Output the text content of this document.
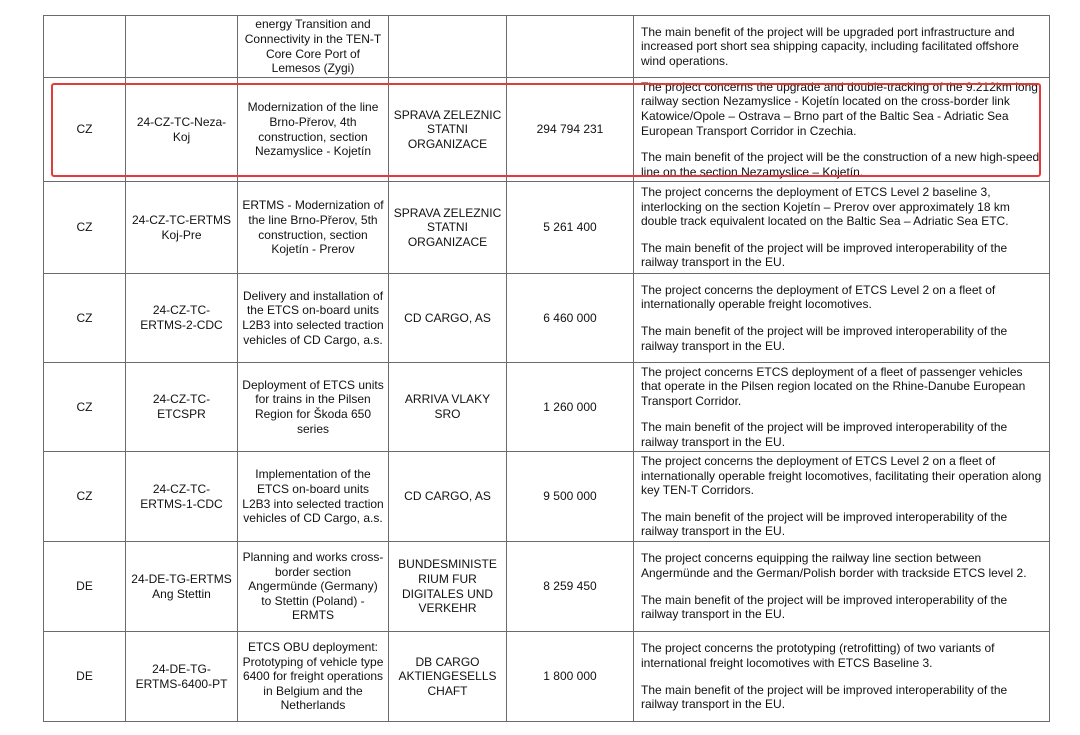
		energy Transition and Connectivity in the TEN-T Core Core Port of Lemesos (Zygi)			The main benefit of the project will be upgraded port infrastructure and increased port short sea shipping capacity, including facilitated offshore wind operations.

CZ	24-CZ-TC-Neza-Koj	Modernization of the line Brno-Přerov, 4th construction, section Nezamyslice - Kojetín	SPRAVA ZELEZNIC STATNI ORGANIZACE	294 794 231	The project concerns the upgrade and double-tracking of the 9.212km long railway section Nezamyslice - Kojetín located on the cross-border link Katowice/Opole – Ostrava – Brno part of the Baltic Sea - Adriatic Sea European Transport Corridor in Czechia.

The main benefit of the project will be the construction of a new high-speed line on the section Nezamyslice – Kojetín.

CZ	24-CZ-TC-ERTMS Koj-Pre	ERTMS - Modernization of the line Brno-Přerov, 5th construction, section Kojetín - Prerov	SPRAVA ZELEZNIC STATNI ORGANIZACE	5 261 400	The project concerns the deployment of ETCS Level 2 baseline 3, interlocking on the section Kojetín – Prerov over approximately 18 km double track equivalent located on the Baltic Sea – Adriatic Sea ETC.

The main benefit of the project will be improved interoperability of the railway transport in the EU.

CZ	24-CZ-TC-ERTMS-2-CDC	Delivery and installation of the ETCS on-board units L2B3 into selected traction vehicles of CD Cargo, a.s.	CD CARGO, AS	6 460 000	The project concerns the deployment of ETCS Level 2 on a fleet of internationally operable freight locomotives.

The main benefit of the project will be improved interoperability of the railway transport in the EU.

CZ	24-CZ-TC-ETCSPR	Deployment of ETCS units for trains in the Pilsen Region for Škoda 650 series	ARRIVA VLAKY SRO	1 260 000	The project concerns ETCS deployment of a fleet of passenger vehicles that operate in the Pilsen region located on the Rhine-Danube European Transport Corridor.

The main benefit of the project will be improved interoperability of the railway transport in the EU.

CZ	24-CZ-TC-ERTMS-1-CDC	Implementation of the ETCS on-board units L2B3 into selected traction vehicles of CD Cargo, a.s.	CD CARGO, AS	9 500 000	The project concerns the deployment of ETCS Level 2 on a fleet of internationally operable freight locomotives, facilitating their operation along key TEN-T Corridors.

The main benefit of the project will be improved interoperability of the railway transport in the EU.

DE	24-DE-TG-ERTMS Ang Stettin	Planning and works cross-border section Angermünde (Germany) to Stettin (Poland) - ERMTS	BUNDESMINISTE RIUM FUR DIGITALES UND VERKEHR	8 259 450	The project concerns equipping the railway line section between Angermünde and the German/Polish border with trackside ETCS level 2.

The main benefit of the project will be improved interoperability of the railway transport in the EU.

DE	24-DE-TG-ERTMS-6400-PT	ETCS OBU deployment: Prototyping of vehicle type 6400 for freight operations in Belgium and the Netherlands	DB CARGO AKTIENGESELLS CHAFT	1 800 000	The project concerns the prototyping (retrofitting) of two variants of international freight locomotives with ETCS Baseline 3.

The main benefit of the project will be improved interoperability of the railway transport in the EU.
